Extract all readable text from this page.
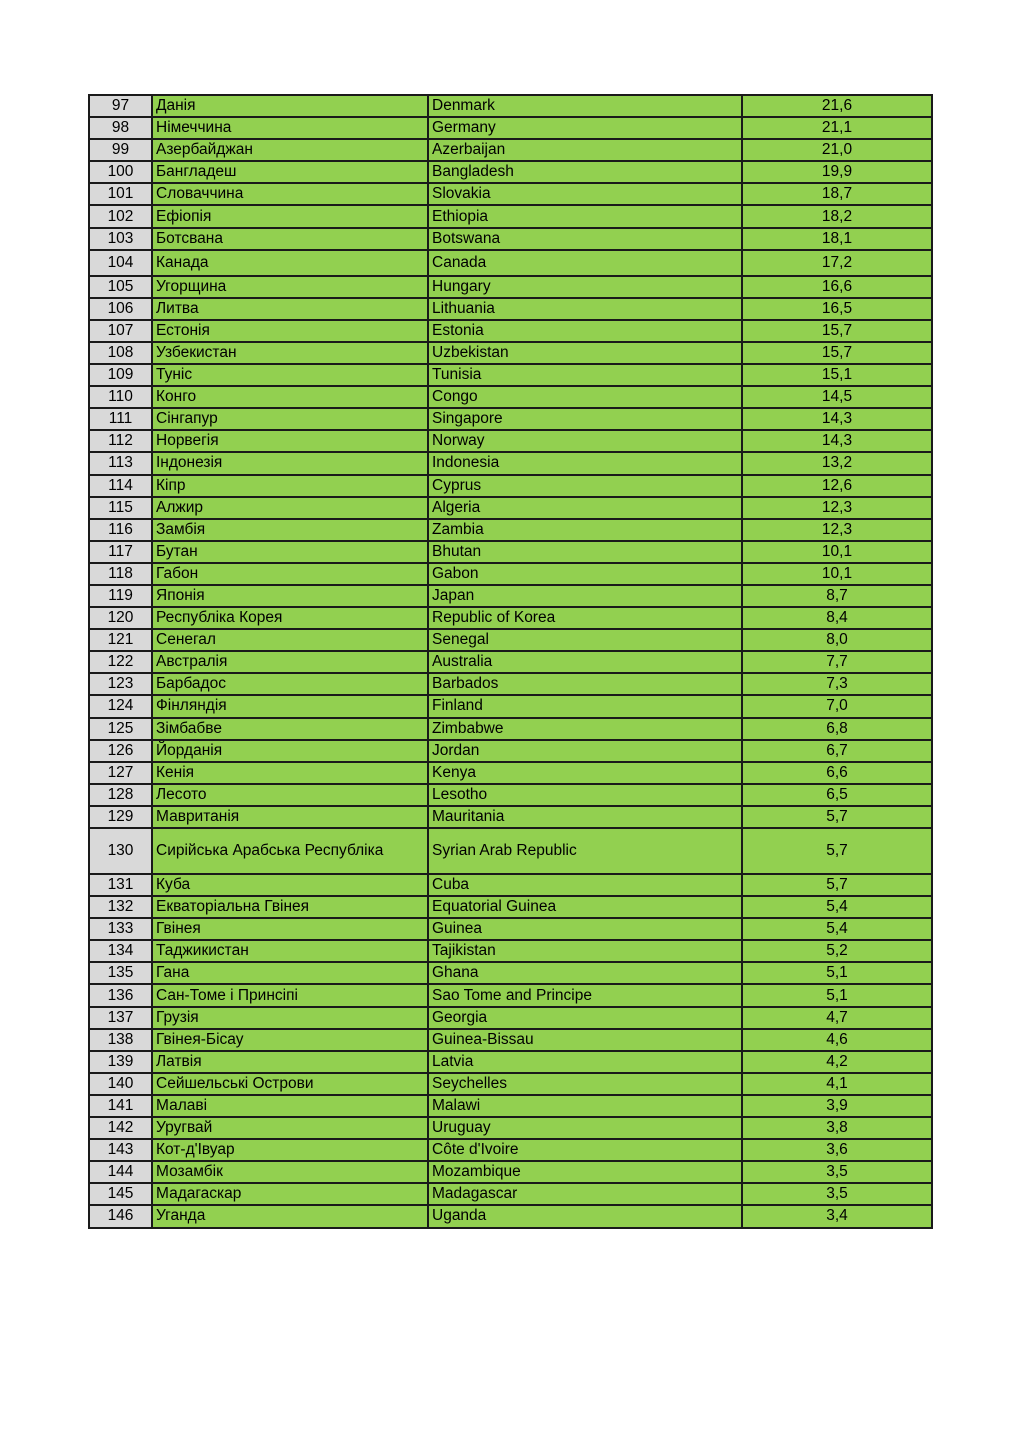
97	Данія	Denmark	21,6
98	Німеччина	Germany	21,1
99	Азербайджан	Azerbaijan	21,0
100	Бангладеш	Bangladesh	19,9
101	Словаччина	Slovakia	18,7
102	Ефіопія	Ethiopia	18,2
103	Ботсвана	Botswana	18,1
104	Канада	Canada	17,2
105	Угорщина	Hungary	16,6
106	Литва	Lithuania	16,5
107	Естонія	Estonia	15,7
108	Узбекистан	Uzbekistan	15,7
109	Туніс	Tunisia	15,1
110	Конго	Congo	14,5
111	Сінгапур	Singapore	14,3
112	Норвегія	Norway	14,3
113	Індонезія	Indonesia	13,2
114	Кіпр	Cyprus	12,6
115	Алжир	Algeria	12,3
116	Замбія	Zambia	12,3
117	Бутан	Bhutan	10,1
118	Габон	Gabon	10,1
119	Японія	Japan	8,7
120	Республіка Корея	Republic of Korea	8,4
121	Сенегал	Senegal	8,0
122	Австралія	Australia	7,7
123	Барбадос	Barbados	7,3
124	Фінляндія	Finland	7,0
125	Зімбабве	Zimbabwe	6,8
126	Йорданія	Jordan	6,7
127	Кенія	Kenya	6,6
128	Лесото	Lesotho	6,5
129	Мавританія	Mauritania	5,7
130	Сирійська Арабська Республіка	Syrian Arab Republic	5,7
131	Куба	Cuba	5,7
132	Екваторіальна Гвінея	Equatorial Guinea	5,4
133	Гвінея	Guinea	5,4
134	Таджикистан	Tajikistan	5,2
135	Гана	Ghana	5,1
136	Сан-Томе і Принсіпі	Sao Tome and Principe	5,1
137	Грузія	Georgia	4,7
138	Гвінея-Бісау	Guinea-Bissau	4,6
139	Латвія	Latvia	4,2
140	Сейшельські Острови	Seychelles	4,1
141	Малаві	Malawi	3,9
142	Уругвай	Uruguay	3,8
143	Кот-д'Івуар	Côte d'Ivoire	3,6
144	Мозамбік	Mozambique	3,5
145	Мадагаскар	Madagascar	3,5
146	Уганда	Uganda	3,4
